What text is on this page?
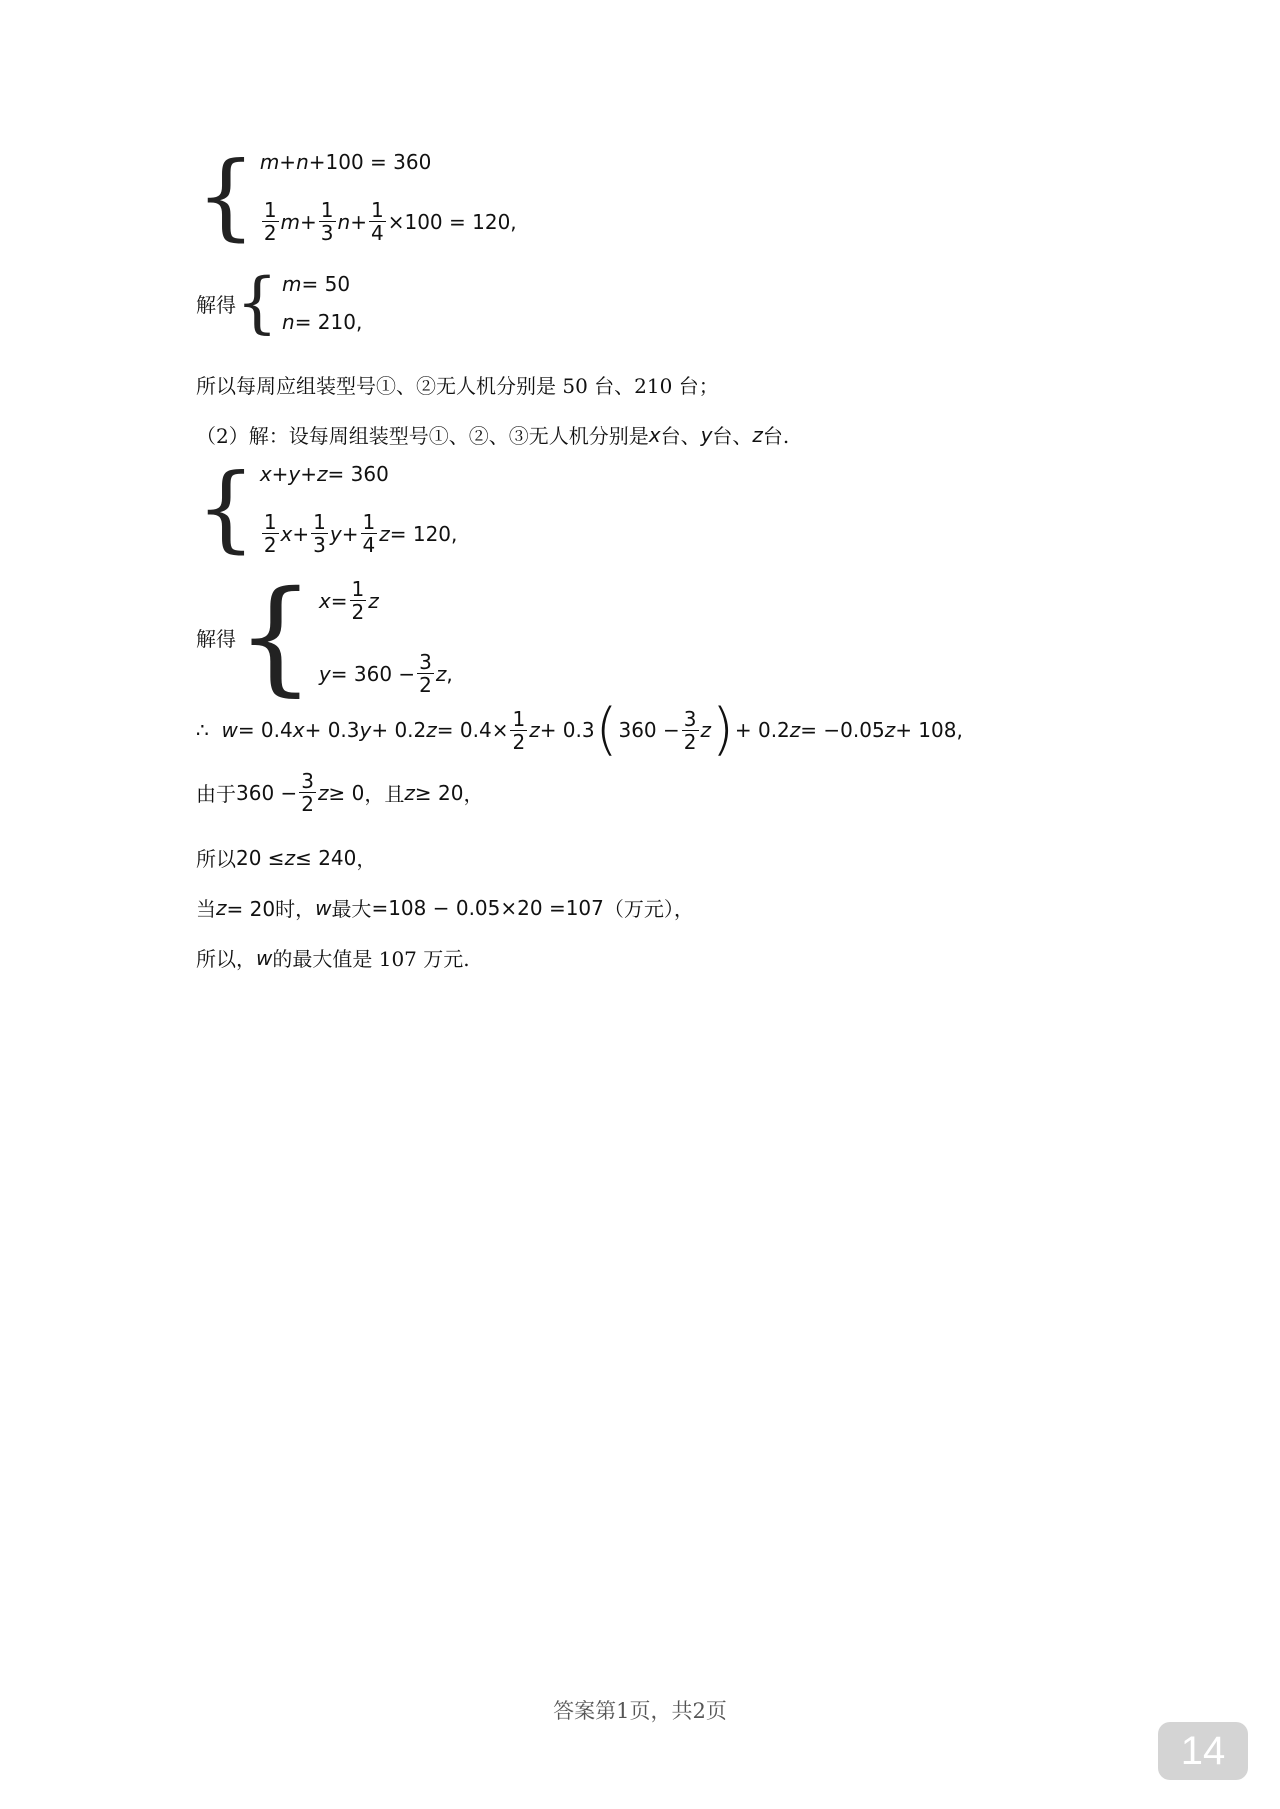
{ m + n +100 = 360
$\frac{1}{2}$ $m + \frac{1}{3}$ $n + \frac{1}{4} \times 100 = 120$ ,
解得 { m = 50
n = 210 ,
所以每周应组装型号①、②无人机分别是 50 台、210 台；
（2）解：设每周组装型号①、②、③无人机分别是 x 台、 y 台、 z 台.
{ x + y + z = 360
$\frac{1}{2}$ $x + \frac{1}{3}$ $y + \frac{1}{4}$ z = 120 ,
解得 { $x = \frac{1}{2}$ z
$y = 360 - \frac{3}{2}$ z ,
∴
w = 0.4 x + 0.3 y + 0.2 $z = 0.4\times \frac{1}{2}$ z + 0.3 ( $360 - \frac{3}{2}$ z ) + 0.2 z = −0.05 z + 108 ,
由于 $360 - \frac{3}{2}$ z ≥ 0 ，且 z ≥ 20 ，
所以 20 ≤ z ≤ 240 ，
当 z = 20时， w 最大 =108 − 0.05×20 =107 （万元），
所以， w 的最大值是 107 万元.
答案第1页，共2页
14
